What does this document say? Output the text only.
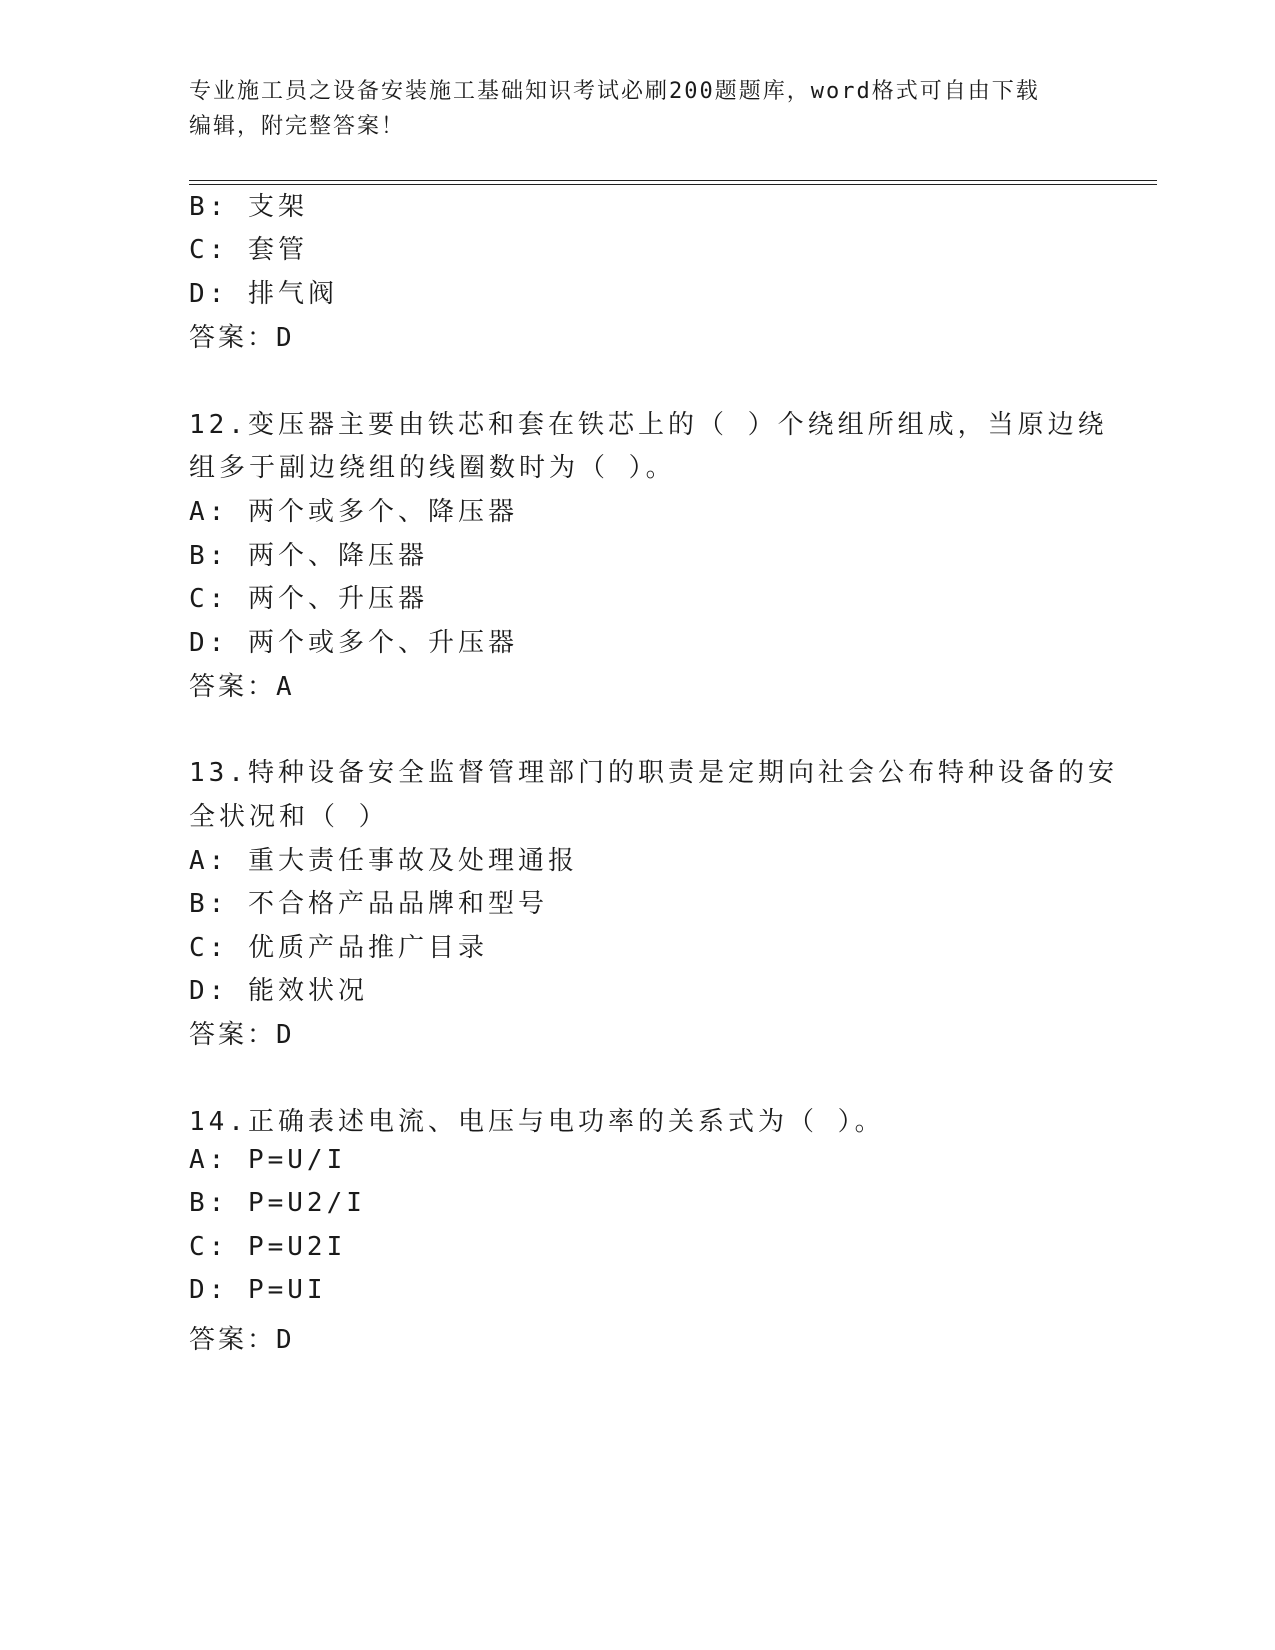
专业施工员之设备安装施工基础知识考试必刷200题题库，word格式可自由下载
编辑，附完整答案！
B: 支架
C: 套管
D: 排气阀
答案：D
12.变压器主要由铁芯和套在铁芯上的（ ）个绕组所组成，当原边绕
组多于副边绕组的线圈数时为（ ）。
A: 两个或多个、降压器
B: 两个、降压器
C: 两个、升压器
D: 两个或多个、升压器
答案：A
13.特种设备安全监督管理部门的职责是定期向社会公布特种设备的安
全状况和（ ）
A: 重大责任事故及处理通报
B: 不合格产品品牌和型号
C: 优质产品推广目录
D: 能效状况
答案：D
14.正确表述电流、电压与电功率的关系式为（ ）。
A: P=U/I
B: P=U2/I
C: P=U2I
D: P=UI
答案：D
